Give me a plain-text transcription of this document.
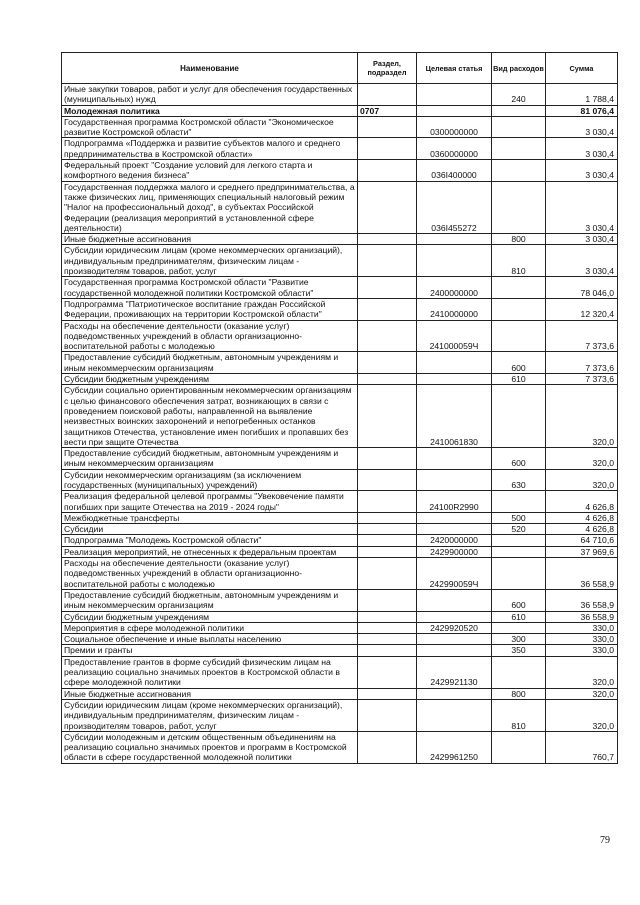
Наименование	Раздел, подраздел	Целевая статья	Вид расходов	Сумма
Иные закупки товаров, работ и услуг для обеспечения государственных (муниципальных) нужд			240	1 788,4
Молодежная политика	0707			81 076,4
Государственная программа Костромской области "Экономическое развитие Костромской области"		0300000000		3 030,4
Подпрограмма «Поддержка и развитие субъектов малого и среднего предпринимательства в Костромской области»		0360000000		3 030,4
Федеральный проект "Создание условий для легкого старта и комфортного ведения бизнеса"		036I400000		3 030,4
Государственная поддержка малого и среднего предпринимательства, а также физических лиц, применяющих специальный налоговый режим "Налог на профессиональный доход", в субъектах Российской Федерации (реализация мероприятий в установленной сфере деятельности)		036I455272		3 030,4
Иные бюджетные ассигнования			800	3 030,4
Субсидии юридическим лицам (кроме некоммерческих организаций), индивидуальным предпринимателям, физическим лицам - производителям товаров, работ, услуг			810	3 030,4
Государственная программа Костромской области "Развитие государственной молодежной политики Костромской области"		2400000000		78 046,0
Подпрограмма "Патриотическое воспитание граждан Российской Федерации, проживающих на территории Костромской области"		2410000000		12 320,4
Расходы на обеспечение деятельности (оказание услуг) подведомственных учреждений в области организационно-воспитательной работы с молодежью		241000059Ч		7 373,6
Предоставление субсидий бюджетным, автономным учреждениям и иным некоммерческим организациям			600	7 373,6
Субсидии бюджетным учреждениям			610	7 373,6
Субсидии социально ориентированным некоммерческим организациям с целью финансового обеспечения затрат, возникающих в связи с проведением поисковой работы, направленной на выявление неизвестных воинских захоронений и непогребенных останков защитников Отечества, установление имен погибших и пропавших без вести при защите Отечества		2410061830		320,0
Предоставление субсидий бюджетным, автономным учреждениям и иным некоммерческим организациям			600	320,0
Субсидии некоммерческим организациям (за исключением государственных (муниципальных) учреждений)			630	320,0
Реализация федеральной целевой программы "Увековечение памяти погибших при защите Отечества на 2019 - 2024 годы"		24100R2990		4 626,8
Межбюджетные трансферты			500	4 626,8
Субсидии			520	4 626,8
Подпрограмма "Молодежь Костромской области"		2420000000		64 710,6
Реализация мероприятий, не отнесенных к федеральным проектам		2429900000		37 969,6
Расходы на обеспечение деятельности (оказание услуг) подведомственных учреждений в области организационно-воспитательной работы с молодежью		242990059Ч		36 558,9
Предоставление субсидий бюджетным, автономным учреждениям и иным некоммерческим организациям			600	36 558,9
Субсидии бюджетным учреждениям			610	36 558,9
Мероприятия в сфере молодежной политики		2429920520		330,0
Социальное обеспечение и иные выплаты населению			300	330,0
Премии и гранты			350	330,0
Предоставление грантов в форме субсидий физическим лицам на реализацию социально значимых проектов в Костромской области в сфере молодежной политики		2429921130		320,0
Иные бюджетные ассигнования			800	320,0
Субсидии юридическим лицам (кроме некоммерческих организаций), индивидуальным предпринимателям, физическим лицам - производителям товаров, работ, услуг			810	320,0
Субсидии молодежным и детским общественным объединениям на реализацию социально значимых проектов и программ в Костромской области в сфере государственной молодежной политики		2429961250		760,7
79
